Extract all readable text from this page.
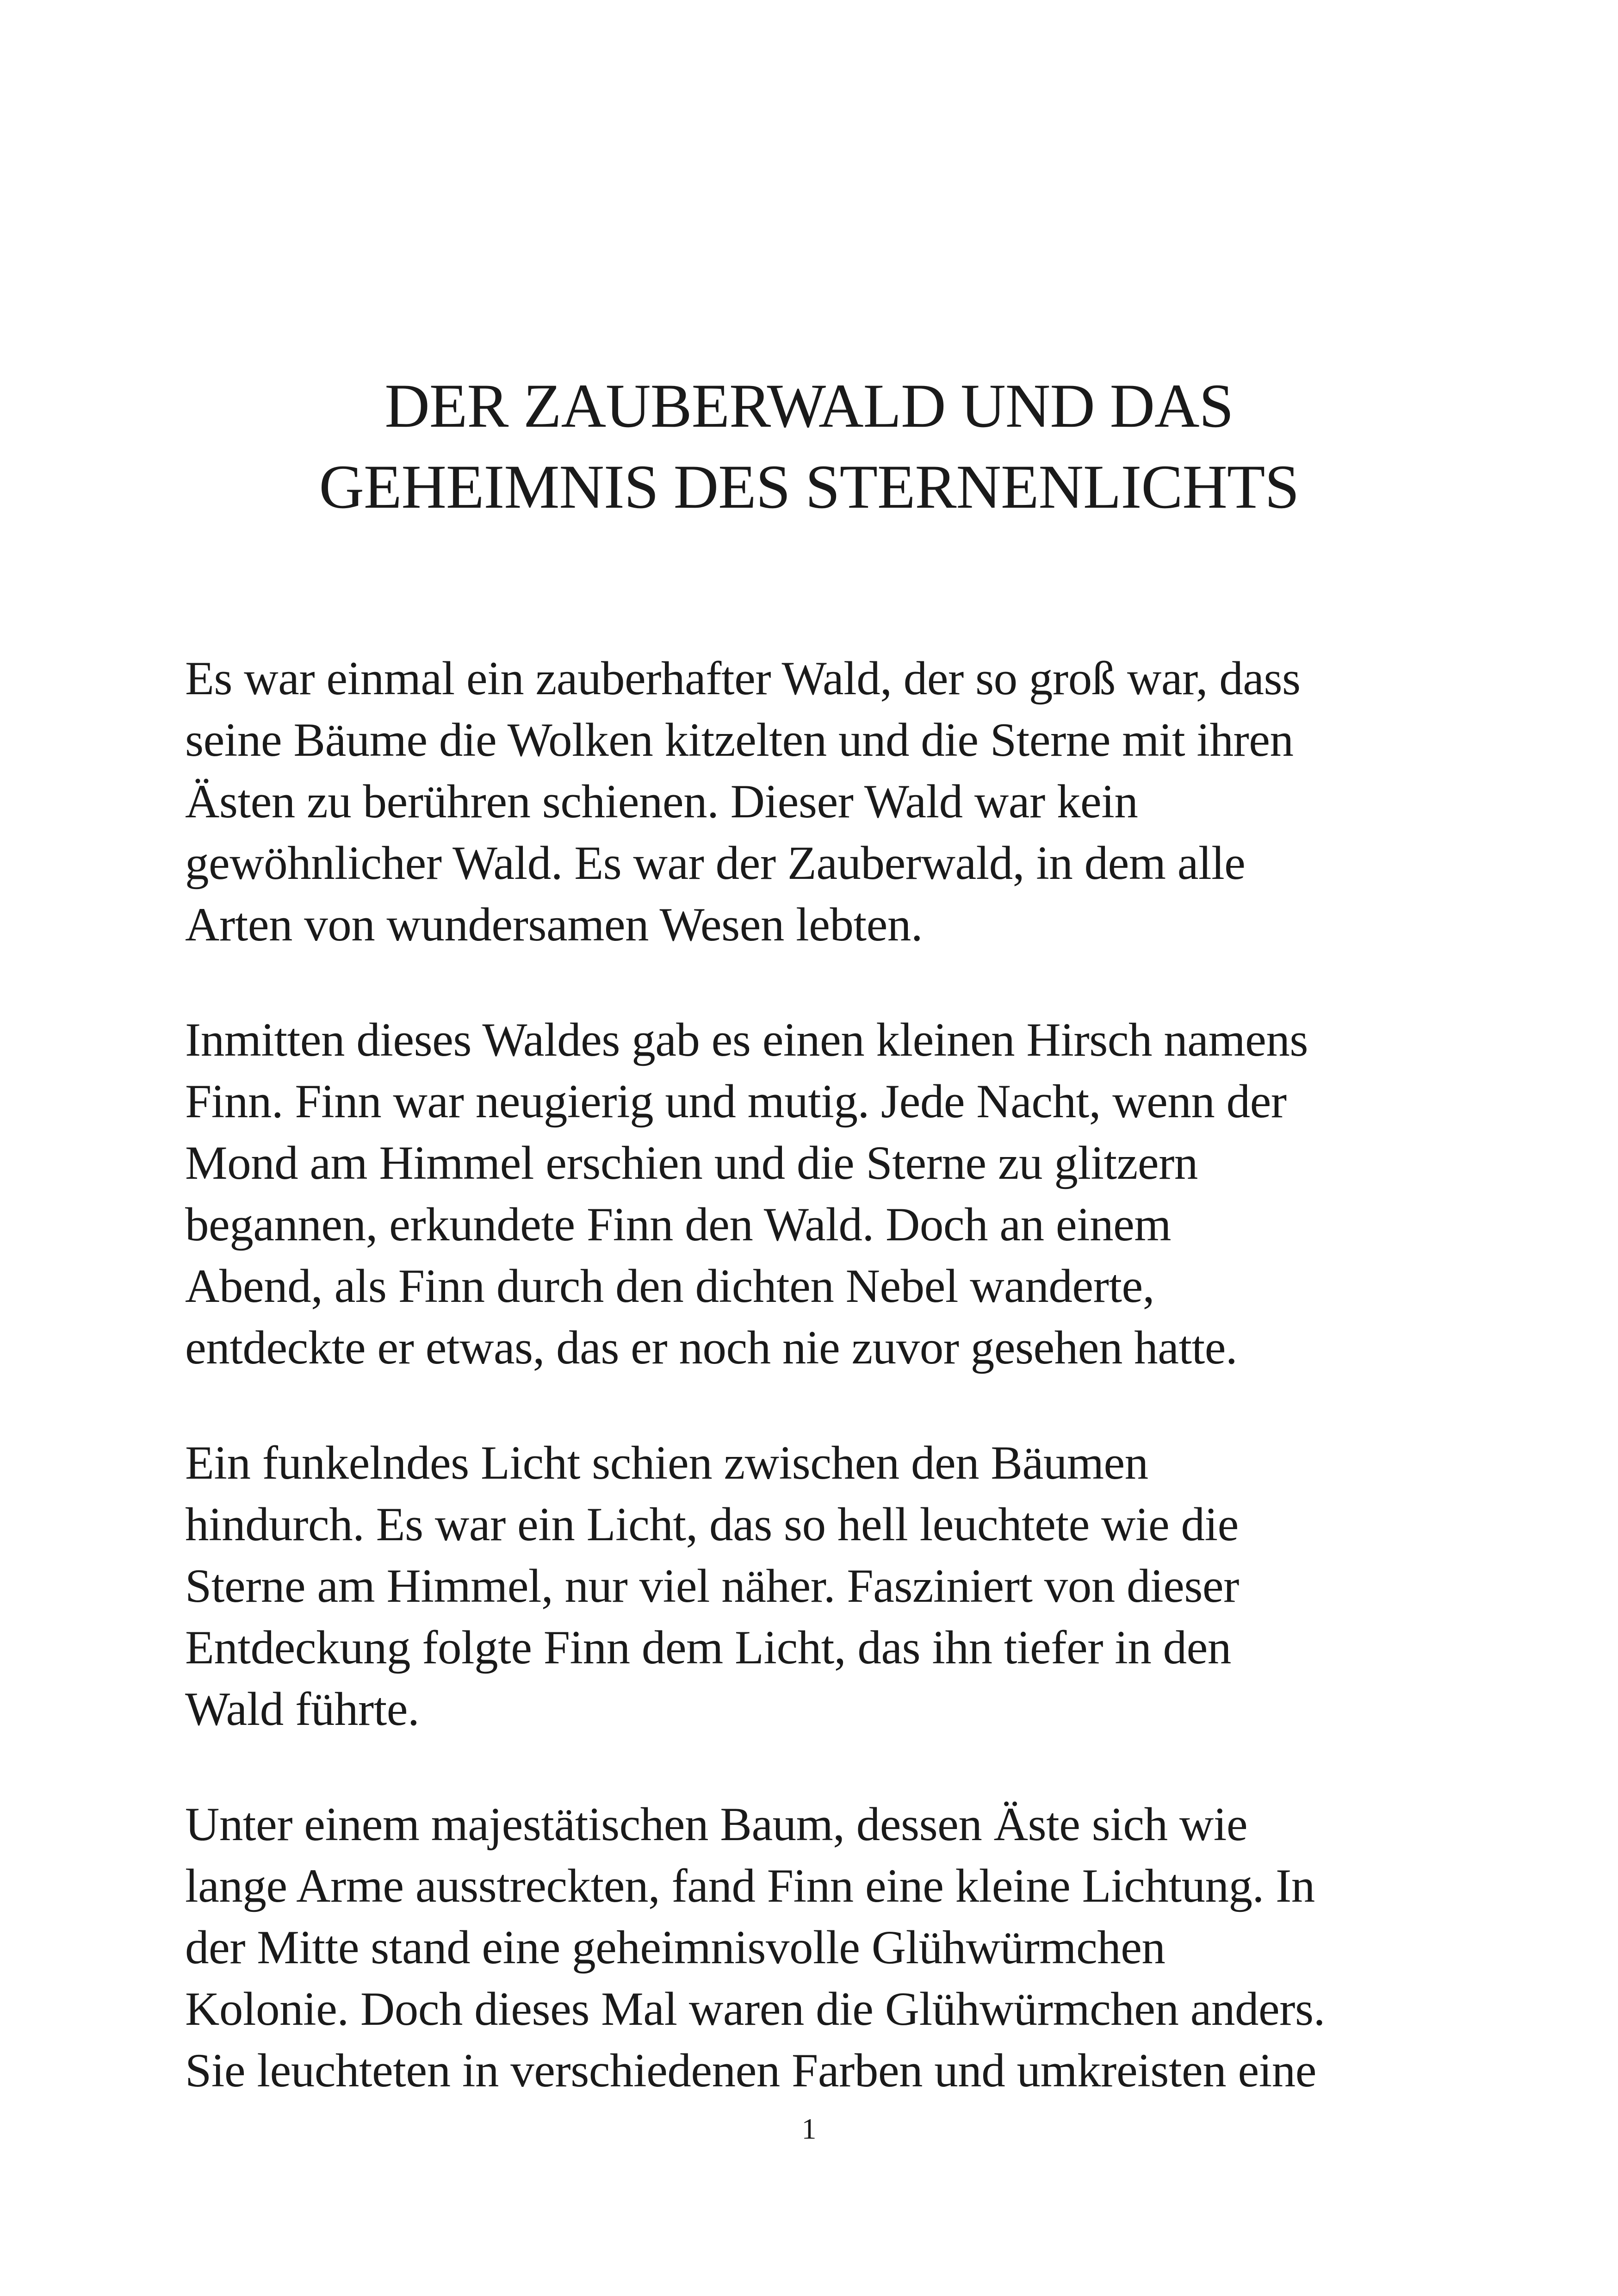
DER ZAUBERWALD UND DAS
GEHEIMNIS DES STERNENLICHTS

Es war einmal ein zauberhafter Wald, der so groß war, dass
seine Bäume die Wolken kitzelten und die Sterne mit ihren
Ästen zu berühren schienen. Dieser Wald war kein
gewöhnlicher Wald. Es war der Zauberwald, in dem alle
Arten von wundersamen Wesen lebten.

Inmitten dieses Waldes gab es einen kleinen Hirsch namens
Finn. Finn war neugierig und mutig. Jede Nacht, wenn der
Mond am Himmel erschien und die Sterne zu glitzern
begannen, erkundete Finn den Wald. Doch an einem
Abend, als Finn durch den dichten Nebel wanderte,
entdeckte er etwas, das er noch nie zuvor gesehen hatte.

Ein funkelndes Licht schien zwischen den Bäumen
hindurch. Es war ein Licht, das so hell leuchtete wie die
Sterne am Himmel, nur viel näher. Fasziniert von dieser
Entdeckung folgte Finn dem Licht, das ihn tiefer in den
Wald führte.

Unter einem majestätischen Baum, dessen Äste sich wie
lange Arme ausstreckten, fand Finn eine kleine Lichtung. In
der Mitte stand eine geheimnisvolle Glühwürmchen
Kolonie. Doch dieses Mal waren die Glühwürmchen anders.
Sie leuchteten in verschiedenen Farben und umkreisten eine

1
